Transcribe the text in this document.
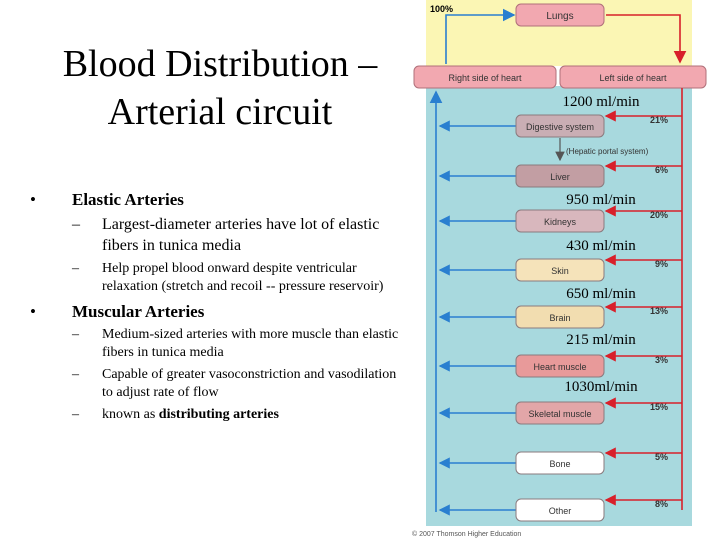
Blood Distribution – Arterial circuit
• Elastic Arteries
– Largest-diameter arteries have lot of elastic fibers in tunica media
– Help propel blood onward despite ventricular relaxation (stretch and recoil -- pressure reservoir)
• Muscular Arteries
– Medium-sized arteries with more muscle than elastic fibers in tunica media
– Capable of greater vasoconstriction and vasodilation to adjust rate of flow
– known as distributing arteries
100%
Lungs
Right side of heart	Left side of heart
Digestive system
21%
1200 ml/min
Liver
6%
Kidneys
20%
950 ml/min
Skin
9%
430 ml/min
Brain
13%
650 ml/min
Heart muscle
3%
215 ml/min
Skeletal muscle
15%
1030ml/min
Bone
5%
Other
8%
(Hepatic portal system)
© 2007 Thomson Higher Education
